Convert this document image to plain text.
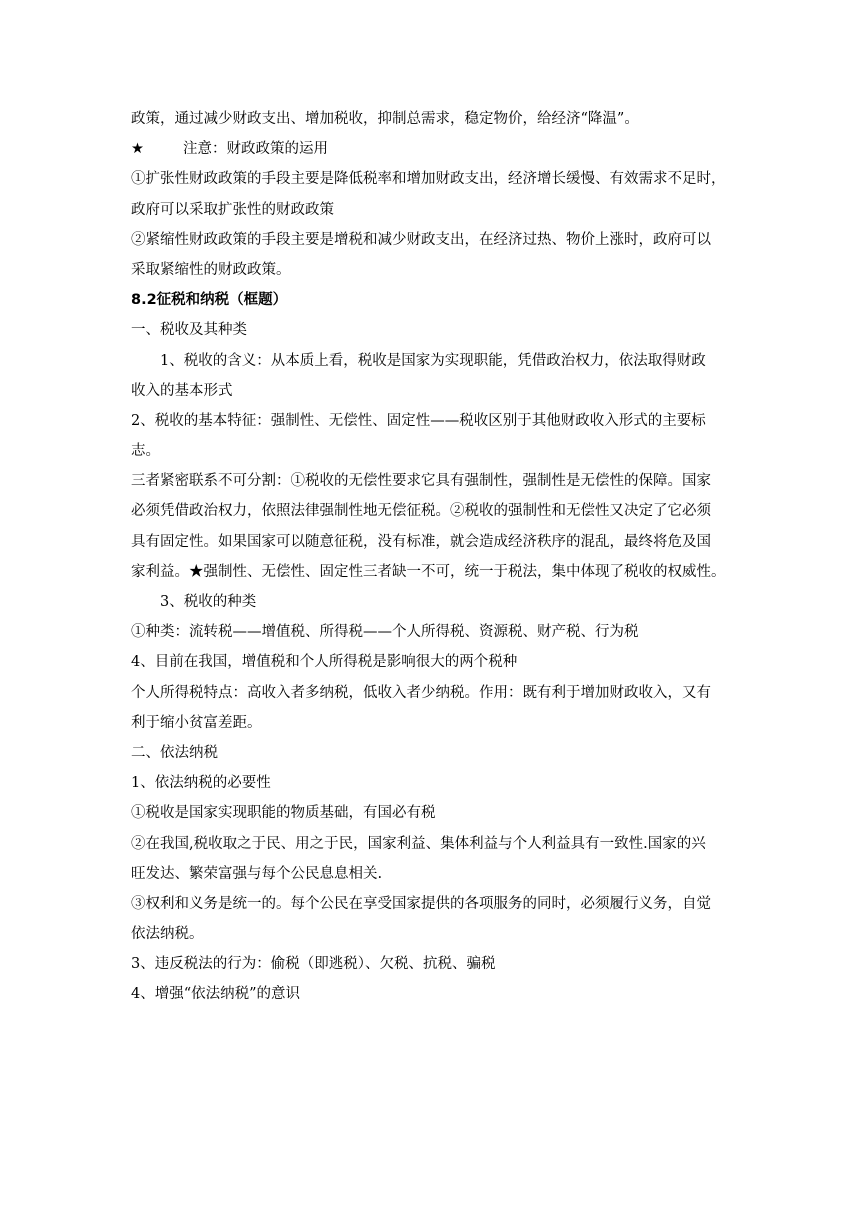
政策，通过减少财政支出、增加税收，抑制总需求，稳定物价，给经济“降温”。
★	注意：财政政策的运用
①扩张性财政政策的手段主要是降低税率和增加财政支出，经济增长缓慢、有效需求不足时，
政府可以采取扩张性的财政政策
②紧缩性财政政策的手段主要是增税和减少财政支出，在经济过热、物价上涨时，政府可以
采取紧缩性的财政政策。
8.2征税和纳税（框题）
一、税收及其种类
1、税收的含义：从本质上看，税收是国家为实现职能，凭借政治权力，依法取得财政
收入的基本形式
2、税收的基本特征：强制性、无偿性、固定性——税收区别于其他财政收入形式的主要标
志。
三者紧密联系不可分割：①税收的无偿性要求它具有强制性，强制性是无偿性的保障。国家
必须凭借政治权力，依照法律强制性地无偿征税。②税收的强制性和无偿性又决定了它必须
具有固定性。如果国家可以随意征税，没有标准，就会造成经济秩序的混乱，最终将危及国
家利益。★强制性、无偿性、固定性三者缺一不可，统一于税法，集中体现了税收的权威性。
3、税收的种类
①种类：流转税——增值税、所得税——个人所得税、资源税、财产税、行为税
4、目前在我国，增值税和个人所得税是影响很大的两个税种
个人所得税特点：高收入者多纳税，低收入者少纳税。作用：既有利于增加财政收入，又有
利于缩小贫富差距。
二、依法纳税
1、依法纳税的必要性
①税收是国家实现职能的物质基础，有国必有税
②在我国,税收取之于民、用之于民，国家利益、集体利益与个人利益具有一致性.国家的兴
旺发达、繁荣富强与每个公民息息相关.
③权利和义务是统一的。每个公民在享受国家提供的各项服务的同时，必须履行义务，自觉
依法纳税。
3、违反税法的行为：偷税（即逃税）、欠税、抗税、骗税
4、增强“依法纳税”的意识
